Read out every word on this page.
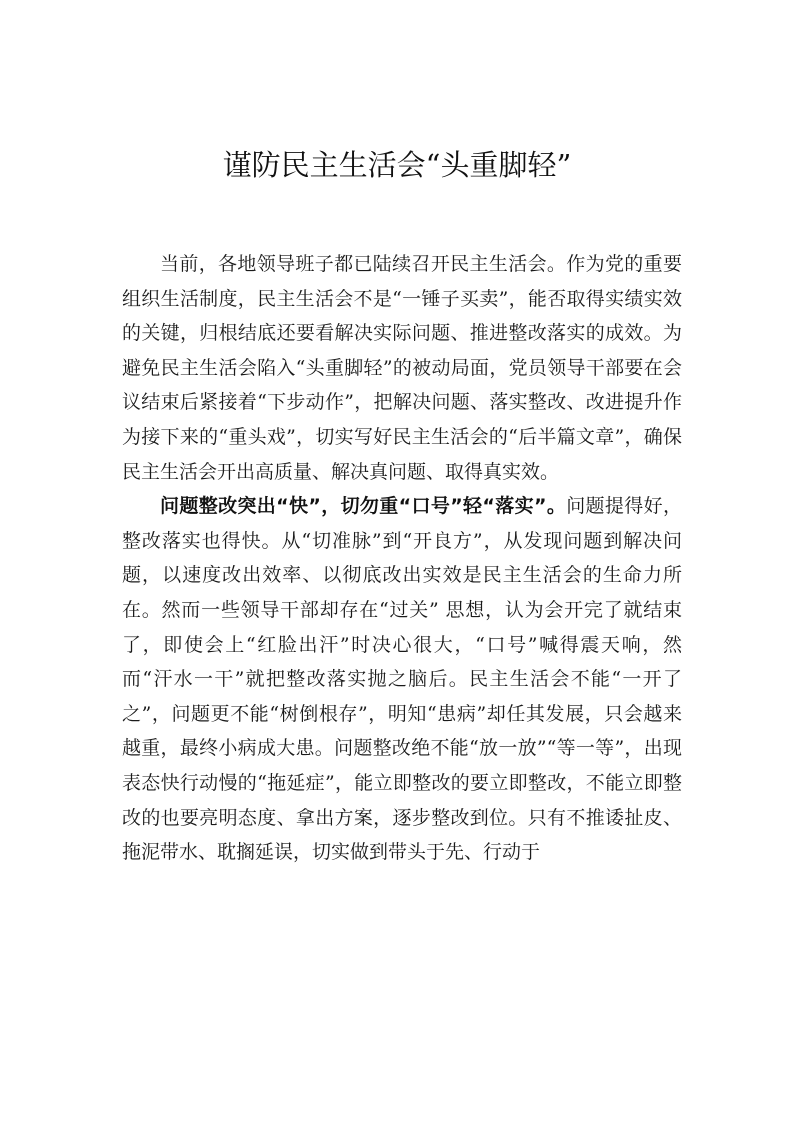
谨防民主生活会“头重脚轻”

当前，各地领导班子都已陆续召开民主生活会。作为党的重要组织生活制度，民主生活会不是“一锤子买卖”，能否取得实绩实效的关键，归根结底还要看解决实际问题、推进整改落实的成效。为避免民主生活会陷入“头重脚轻”的被动局面，党员领导干部要在会议结束后紧接着“下步动作”，把解决问题、落实整改、改进提升作为接下来的“重头戏”，切实写好民主生活会的“后半篇文章”，确保民主生活会开出高质量、解决真问题、取得真实效。

问题整改突出“快”，切勿重“口号”轻“落实”。问题提得好，整改落实也得快。从“切准脉”到“开良方”，从发现问题到解决问题，以速度改出效率、以彻底改出实效是民主生活会的生命力所在。然而一些领导干部却存在“过关” 思想，认为会开完了就结束了，即使会上“红脸出汗”时决心很大，“口号”喊得震天响，然而“汗水一干”就把整改落实抛之脑后。民主生活会不能“一开了之”，问题更不能“树倒根存”，明知“患病”却任其发展，只会越来越重，最终小病成大患。问题整改绝不能“放一放”“等一等”，出现表态快行动慢的“拖延症”，能立即整改的要立即整改，不能立即整改的也要亮明态度、拿出方案，逐步整改到位。只有不推诿扯皮、拖泥带水、耽搁延误，切实做到带头于先、行动于
